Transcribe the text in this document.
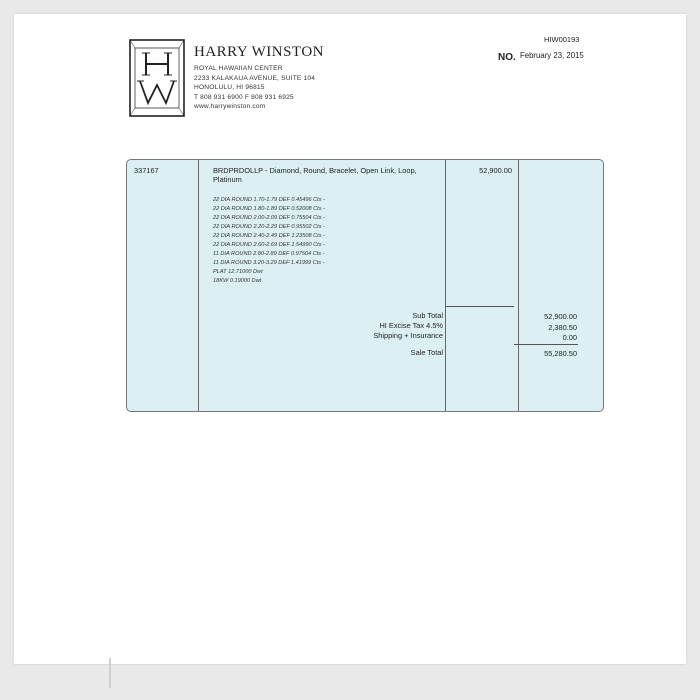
HARRY WINSTON
ROYAL HAWAIIAN CENTER
2233 KALAKAUA AVENUE, SUITE 104
HONOLULU, HI 96815
T 808 931 6900 F 808 931 6925
www.harrywinston.com
HIW00193
NO. February 23, 2015
337167	BRDPRDOLLP - Diamond, Round, Bracelet, Open Link, Loop,
Platinum
52,900.00
22 DIA ROUND 1.70-1.79 DEF 0.45496 Cts -
22 DIA ROUND 1.80-1.89 DEF 0.52008 Cts -
22 DIA ROUND 2.00-2.09 DEF 0.75504 Cts -
22 DIA ROUND 2.20-2.29 DEF 0.95502 Cts -
22 DIA ROUND 2.40-2.49 DEF 1.23508 Cts -
22 DIA ROUND 2.60-2.69 DEF 1.54990 Cts -
11 DIA ROUND 2.80-2.89 DEF 0.97504 Cts -
11 DIA ROUND 3.20-3.29 DEF 1.41999 Cts -
PLAT 12.71000 Dwt
18KW 0.19000 Dwt
Sub Total
HI Excise Tax 4.5%
Shipping + Insurance
Sale Total
52,900.00
2,380.50
0.00
55,280.50
